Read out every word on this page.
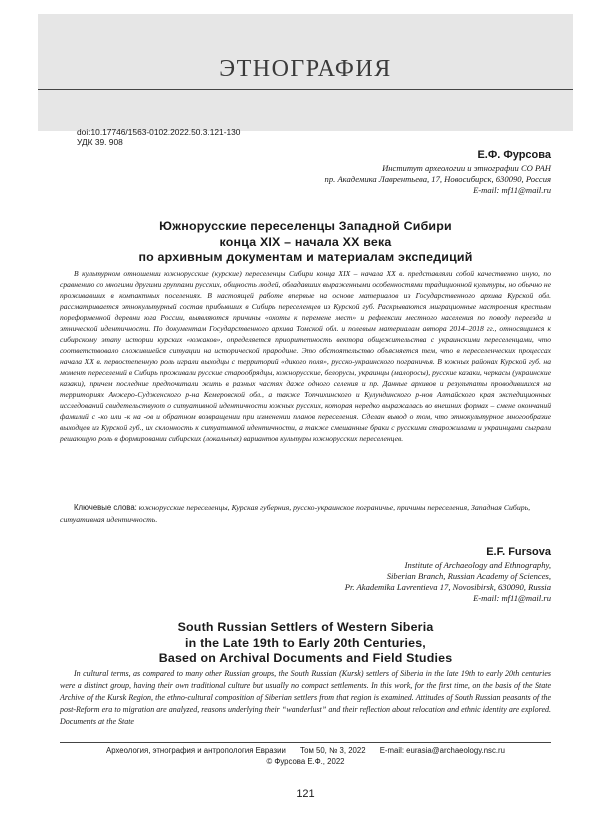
ЭТНОГРАФИЯ
doi:10.17746/1563-0102.2022.50.3.121-130
УДК 39. 908
Е.Ф. Фурсова
Институт археологии и этнографии СО РАН
пр. Академика Лаврентьева, 17, Новосибирск, 630090, Россия
E-mail: mf11@mail.ru
Южнорусские переселенцы Западной Сибири
конца XIX – начала XX века
по архивным документам и материалам экспедиций

В культурном отношении южнорусские (курские) переселенцы Сибири конца XIX – начала XX в. представляли собой качественно иную, по сравнению со многими другими группами русских, общность людей, обладавших выраженными особенностями традиционной культуры, но обычно не проживавших в компактных поселениях. В настоящей работе впервые на основе материалов из Государственного архива Курской обл. рассматривается этнокультурный состав прибывших в Сибирь переселенцев из Курской губ. Раскрываются миграционные настроения крестьян пореформенной деревни юга России, выявляются причины «охоты к перемене мест» и рефлексии местного населения по поводу переезда и этнической идентичности. По документам Государственного архива Томской обл. и полевым материалам автора 2014–2018 гг., относящимся к сибирскому этапу истории курских «южаков», определяется приоритетность вектора общежительства с украинскими переселенцами, что соответствовало сложившейся ситуации на исторической прародине. Это обстоятельство объясняется тем, что в переселенческих процессах начала XX в. первостепенную роль играли выходцы с территорий «дикого поля», русско-украинского пограничья. В южных районах Курской губ. на момент переселений в Сибирь проживали русские старообрядцы, южнорусские, белорусы, украинцы (малоросы), русские казаки, черкасы (украинские казаки), причем последние предпочитали жить в разных частях даже одного селения и пр. Данные архивов и результаты проводившихся на территориях Анжеро-Судженского р-на Кемеровской обл., а также Топчихинского и Кулундинского р-нов Алтайского края экспедиционных исследований свидетельствуют о ситуативной идентичности южных русских, которая нередко выражалась во внешних формах – смене окончаний фамилий с -ко или -к на -ов и обратном возвращении при изменении планов переселения. Сделан вывод о том, что этнокультурное многообразие выходцев из Курской губ., их склонность к ситуативной идентичности, а также смешанные браки с русскими старожилами и украинцами сыграли решающую роль в формировании сибирских (локальных) вариантов культуры южнорусских переселенцев.

Ключевые слова: южнорусские переселенцы, Курская губерния, русско-украинское пограничье, причины переселения, Западная Сибирь, ситуативная идентичность.
E.F. Fursova
Institute of Archaeology and Ethnography,
Siberian Branch, Russian Academy of Sciences,
Pr. Akademika Lavrentieva 17, Novosibirsk, 630090, Russia
E-mail: mf11@mail.ru
South Russian Settlers of Western Siberia
in the Late 19th to Early 20th Centuries,
Based on Archival Documents and Field Studies

In cultural terms, as compared to many other Russian groups, the South Russian (Kursk) settlers of Siberia in the late 19th to early 20th centuries were a distinct group, having their own traditional culture but usually no compact settlements. In this work, for the first time, on the basis of the State Archive of the Kursk Region, the ethno-cultural composition of Siberian settlers from that region is examined. Attitudes of South Russian peasants of the post-Reform era to migration are analyzed, reasons underlying their “wanderlust” and their reflection about relocation and ethnic identity are explored. Documents at the State

Археология, этнография и антропология Евразии Том 50, № 3, 2022 E-mail: eurasia@archaeology.nsc.ru
© Фурсова Е.Ф., 2022
121
